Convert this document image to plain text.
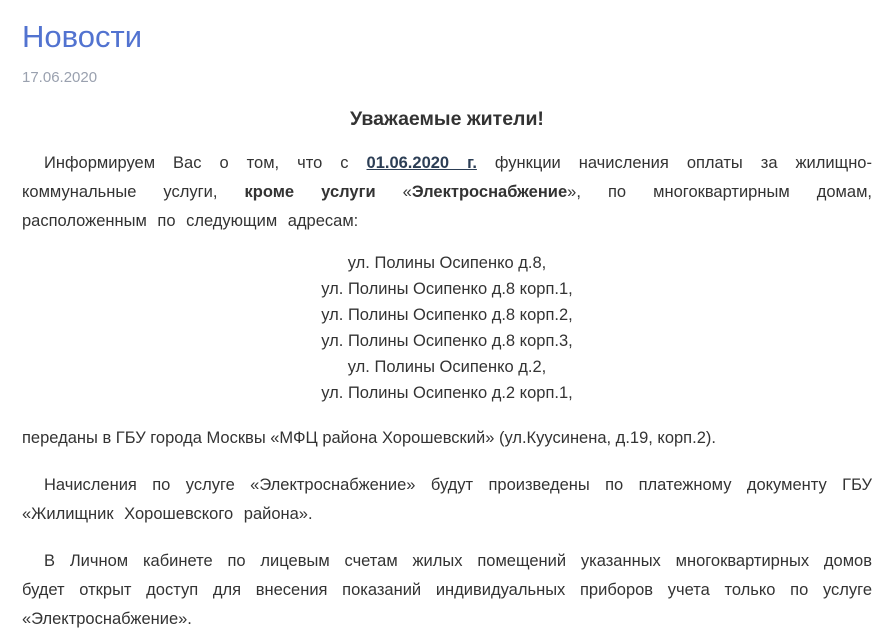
Новости
17.06.2020
Уважаемые жители!

Информируем Вас о том, что с 01.06.2020 г. функции начисления оплаты за жилищно-коммунальные услуги, кроме услуги «Электроснабжение», по многоквартирным домам, расположенным по следующим адресам:

ул. Полины Осипенко д.8,
ул. Полины Осипенко д.8 корп.1,
ул. Полины Осипенко д.8 корп.2,
ул. Полины Осипенко д.8 корп.3,
ул. Полины Осипенко д.2,
ул. Полины Осипенко д.2 корп.1,

переданы в ГБУ города Москвы «МФЦ района Хорошевский» (ул.Куусинена, д.19, корп.2).

Начисления по услуге «Электроснабжение» будут произведены по платежному документу ГБУ «Жилищник Хорошевского района».

В Личном кабинете по лицевым счетам жилых помещений указанных многоквартирных домов будет открыт доступ для внесения показаний индивидуальных приборов учета только по услуге «Электроснабжение».
